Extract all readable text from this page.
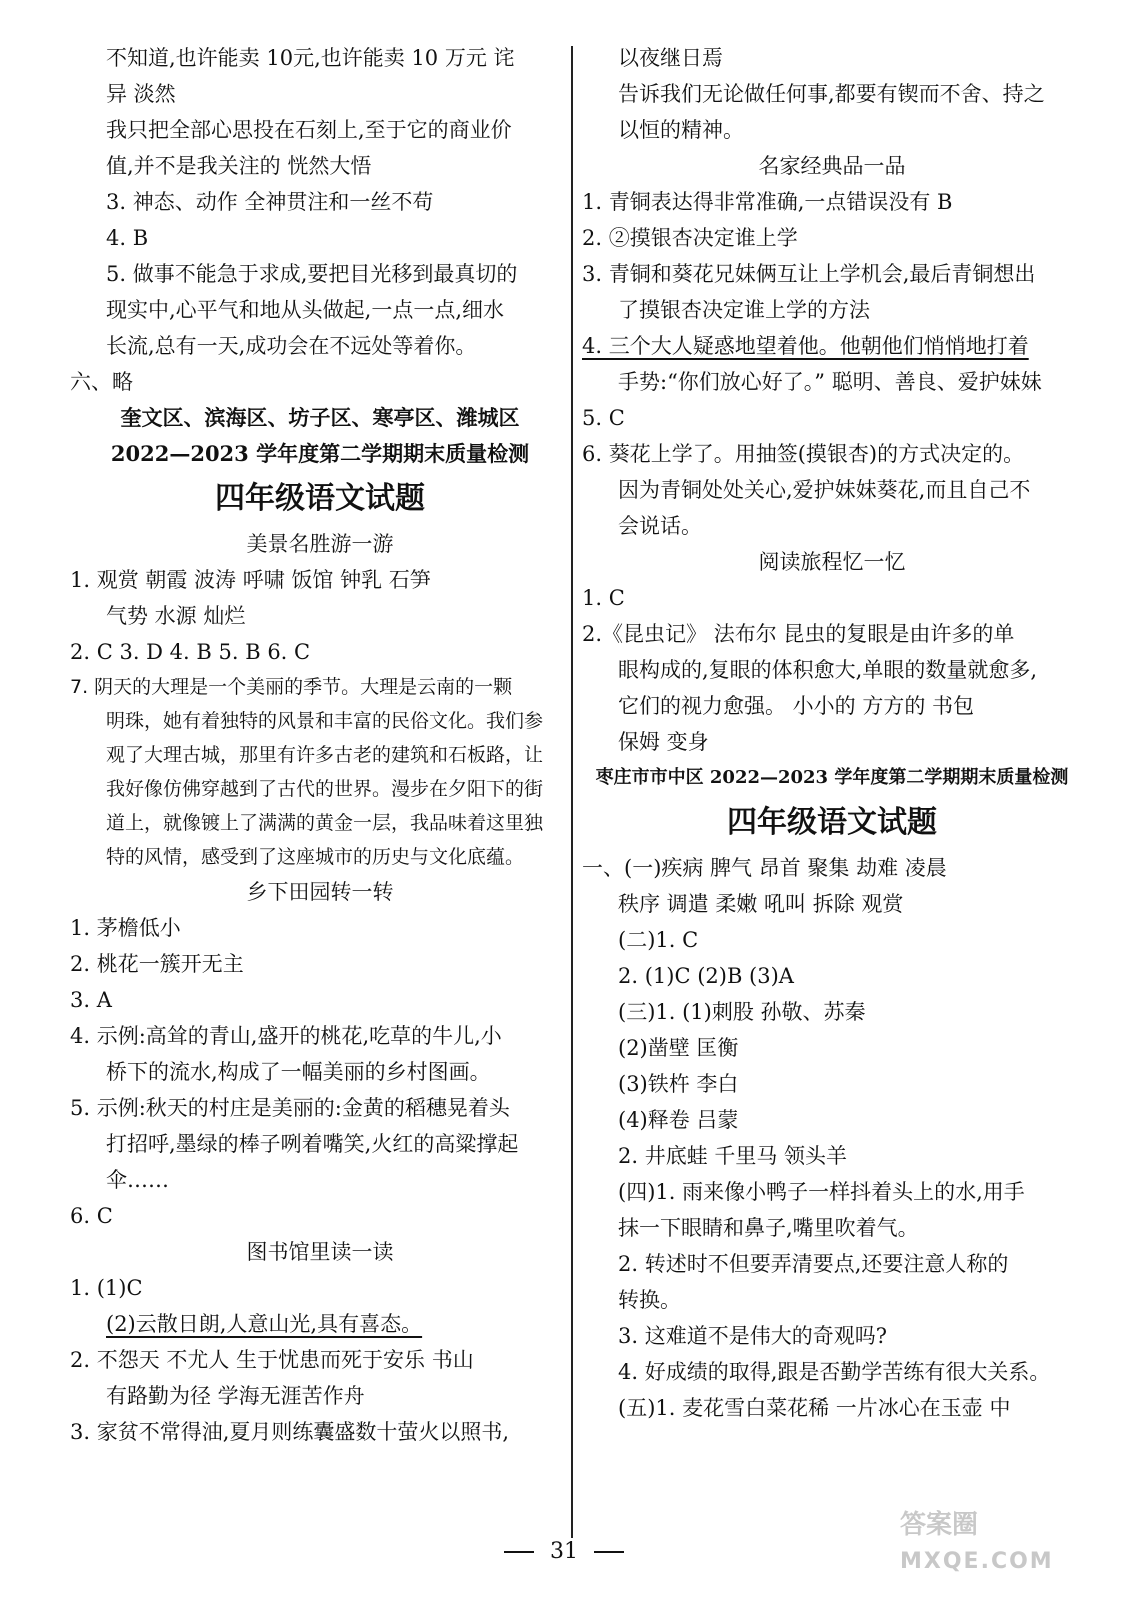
不知道,也许能卖 10元,也许能卖 10 万元 诧
异 淡然
我只把全部心思投在石刻上,至于它的商业价
值,并不是我关注的 恍然大悟
3. 神态、动作 全神贯注和一丝不苟
4. B
5. 做事不能急于求成,要把目光移到最真切的
现实中,心平气和地从头做起,一点一点,细水
长流,总有一天,成功会在不远处等着你。
六、略
奎文区、滨海区、坊子区、寒亭区、潍城区
2022—2023 学年度第二学期期末质量检测
四年级语文试题
美景名胜游一游
1. 观赏 朝霞 波涛 呼啸 饭馆 钟乳 石笋
气势 水源 灿烂
2. C 3. D 4. B 5. B 6. C
7. 阴天的大理是一个美丽的季节。大理是云南的一颗
明珠，她有着独特的风景和丰富的民俗文化。我们参
观了大理古城，那里有许多古老的建筑和石板路，让
我好像仿佛穿越到了古代的世界。漫步在夕阳下的街
道上，就像镀上了满满的黄金一层，我品味着这里独
特的风情，感受到了这座城市的历史与文化底蕴。
乡下田园转一转
1. 茅檐低小
2. 桃花一簇开无主
3. A
4. 示例:高耸的青山,盛开的桃花,吃草的牛儿,小
桥下的流水,构成了一幅美丽的乡村图画。
5. 示例:秋天的村庄是美丽的:金黄的稻穗晃着头
打招呼,墨绿的棒子咧着嘴笑,火红的高粱撑起
伞……
6. C
图书馆里读一读
1. (1)C
(2)云散日朗,人意山光,具有喜态。
2. 不怨天 不尤人 生于忧患而死于安乐 书山
有路勤为径 学海无涯苦作舟
3. 家贫不常得油,夏月则练囊盛数十萤火以照书,
以夜继日焉
告诉我们无论做任何事,都要有锲而不舍、持之
以恒的精神。
名家经典品一品
1. 青铜表达得非常准确,一点错误没有 B
2. ②摸银杏决定谁上学
3. 青铜和葵花兄妹俩互让上学机会,最后青铜想出
了摸银杏决定谁上学的方法
4. 三个大人疑惑地望着他。他朝他们悄悄地打着
手势:“你们放心好了。” 聪明、善良、爱护妹妹
5. C
6. 葵花上学了。用抽签(摸银杏)的方式决定的。
因为青铜处处关心,爱护妹妹葵花,而且自己不
会说话。
阅读旅程忆一忆
1. C
2.《昆虫记》 法布尔 昆虫的复眼是由许多的单
眼构成的,复眼的体积愈大,单眼的数量就愈多,
它们的视力愈强。 小小的 方方的 书包
保姆 变身
枣庄市市中区 2022—2023 学年度第二学期期末质量检测
四年级语文试题
一、(一)疾病 脾气 昂首 聚集 劫难 凌晨
秩序 调遣 柔嫩 吼叫 拆除 观赏
(二)1. C
2. (1)C (2)B (3)A
(三)1. (1)刺股 孙敬、苏秦
(2)凿壁 匡衡
(3)铁杵 李白
(4)释卷 吕蒙
2. 井底蛙 千里马 领头羊
(四)1. 雨来像小鸭子一样抖着头上的水,用手
抹一下眼睛和鼻子,嘴里吹着气。
2. 转述时不但要弄清要点,还要注意人称的
转换。
3. 这难道不是伟大的奇观吗?
4. 好成绩的取得,跟是否勤学苦练有很大关系。
(五)1. 麦花雪白菜花稀 一片冰心在玉壶 中
31
答案圈
MXQE.COM
